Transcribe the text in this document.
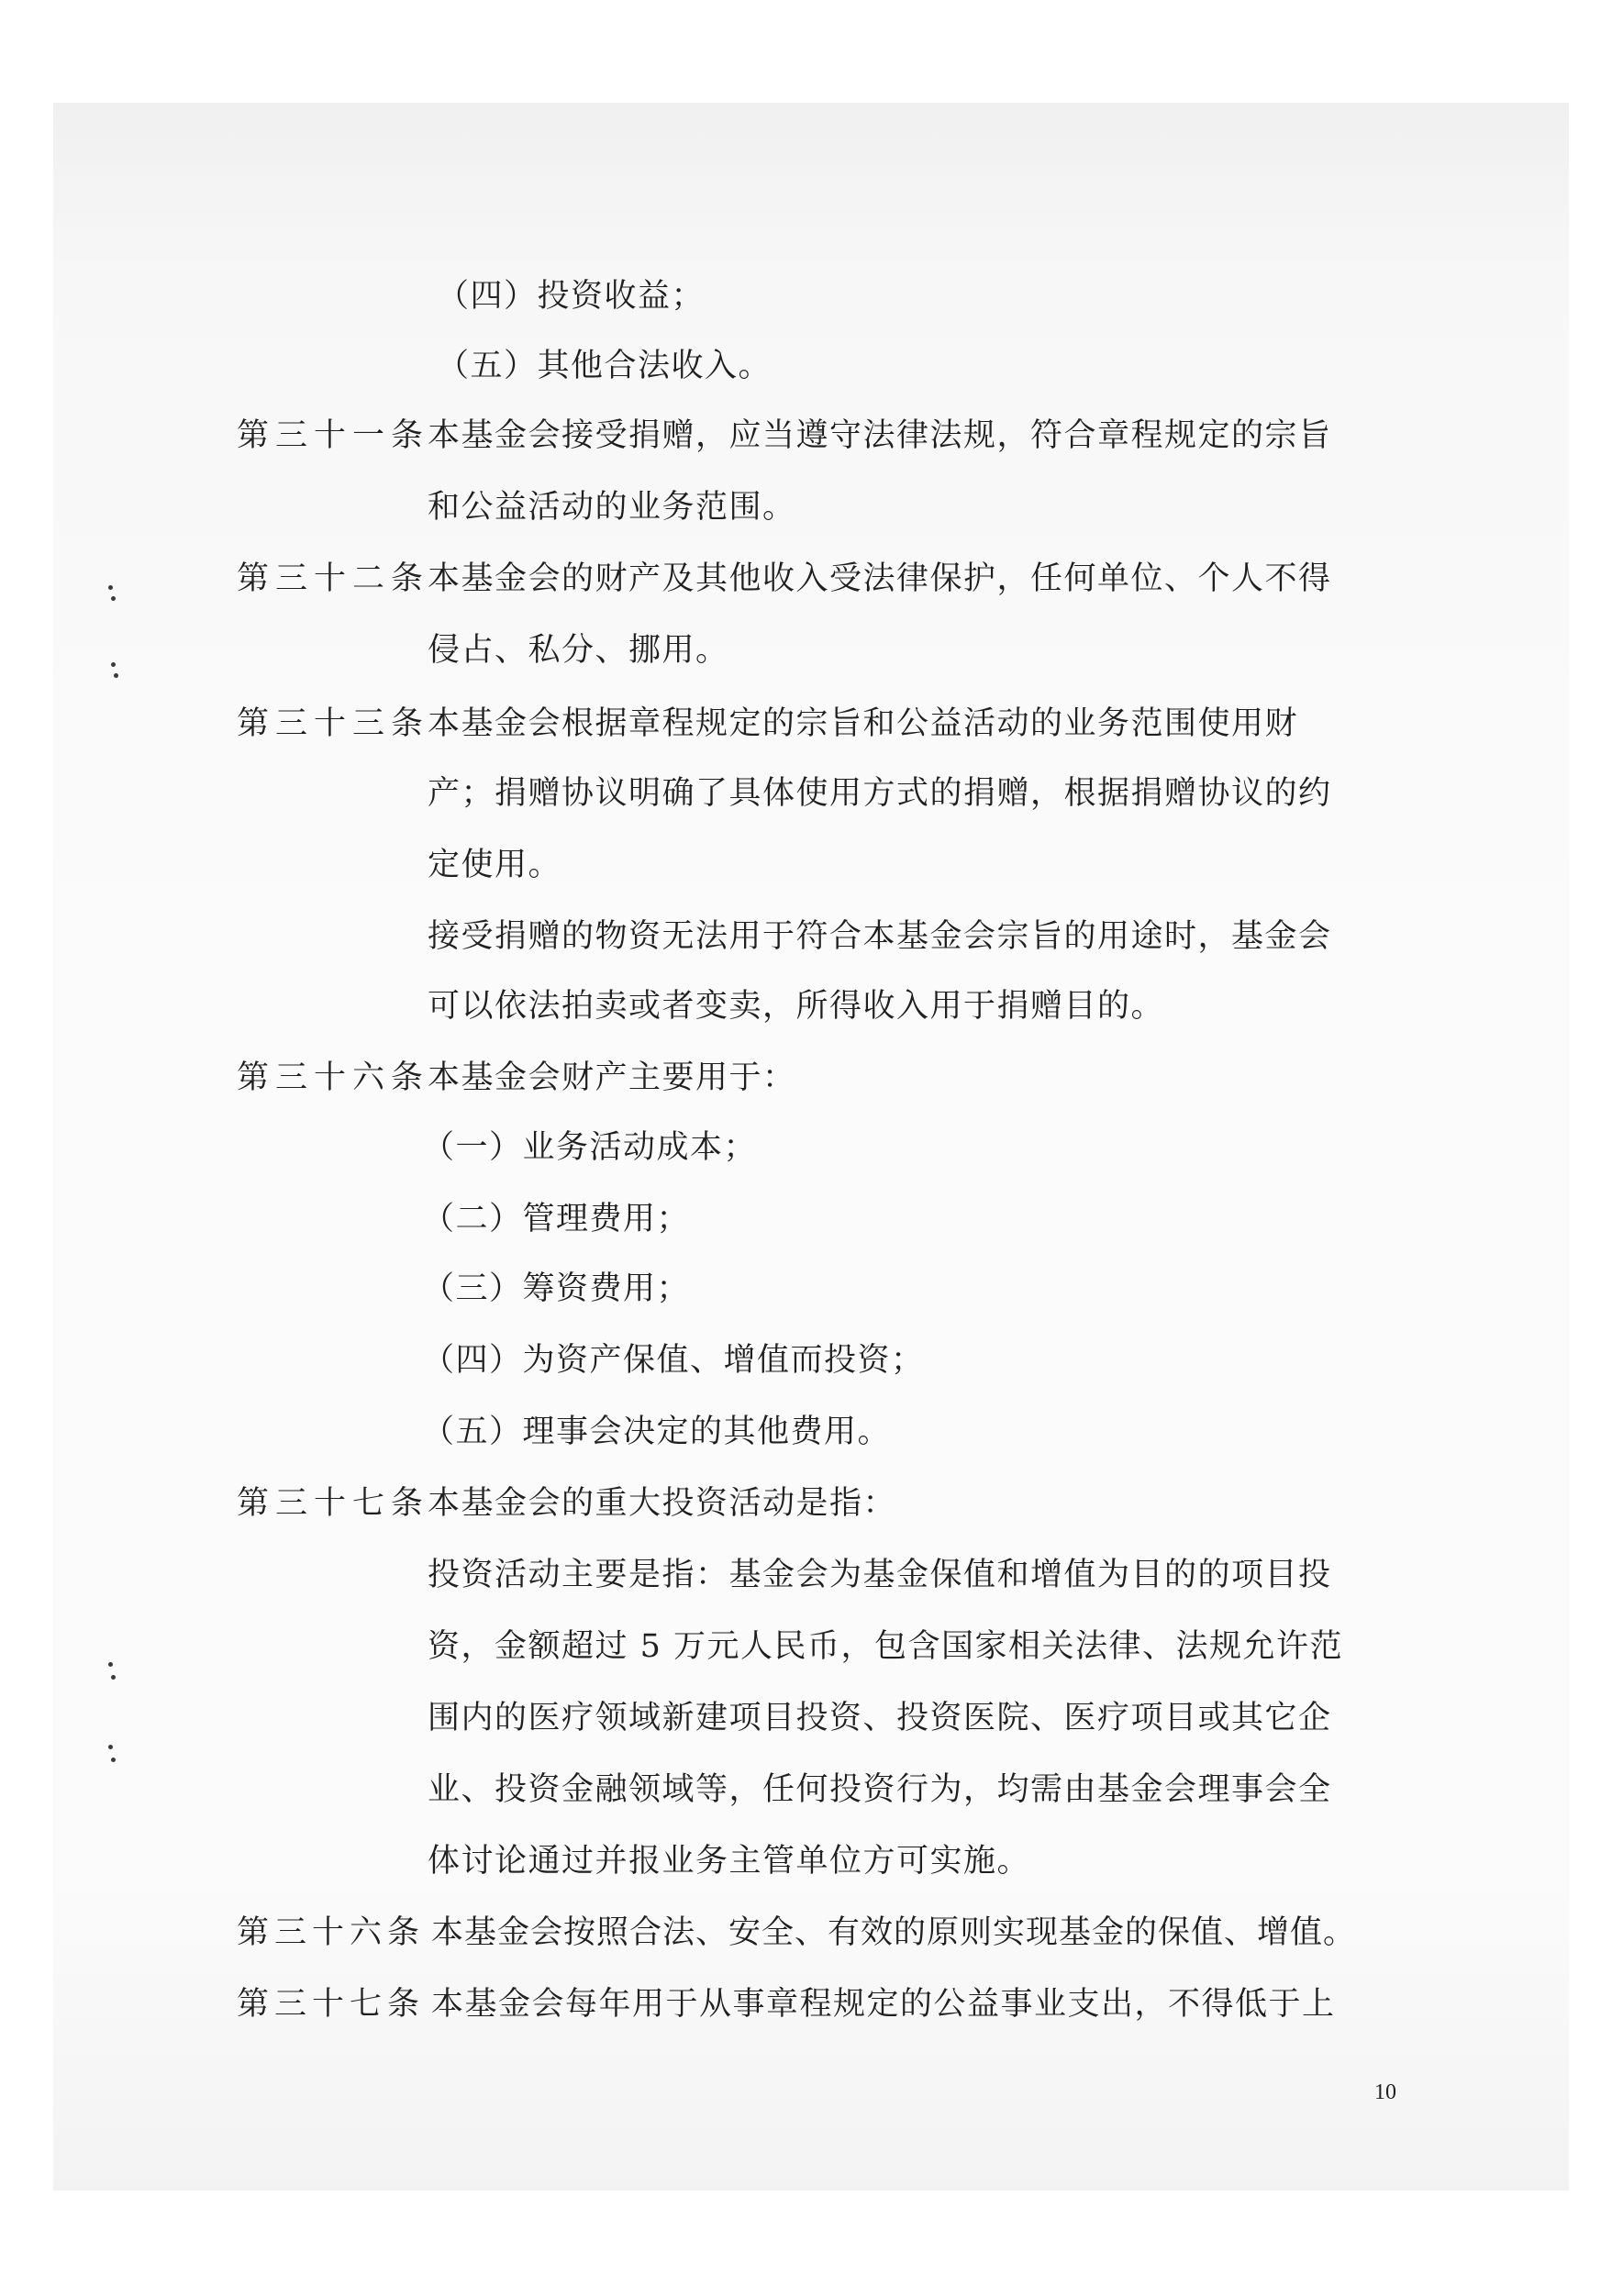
（四）投资收益；
（五）其他合法收入。
第三十一条
本基金会接受捐赠，应当遵守法律法规，符合章程规定的宗旨
和公益活动的业务范围。
第三十二条
本基金会的财产及其他收入受法律保护，任何单位、个人不得
侵占、私分、挪用。
第三十三条
本基金会根据章程规定的宗旨和公益活动的业务范围使用财
产；捐赠协议明确了具体使用方式的捐赠，根据捐赠协议的约
定使用。
接受捐赠的物资无法用于符合本基金会宗旨的用途时，基金会
可以依法拍卖或者变卖，所得收入用于捐赠目的。
第三十六条
本基金会财产主要用于：
（一）业务活动成本；
（二）管理费用；
（三）筹资费用；
（四）为资产保值、增值而投资；
（五）理事会决定的其他费用。
第三十七条
本基金会的重大投资活动是指：
投资活动主要是指：基金会为基金保值和增值为目的的项目投
资，金额超过 5 万元人民币，包含国家相关法律、法规允许范
围内的医疗领域新建项目投资、投资医院、医疗项目或其它企
业、投资金融领域等，任何投资行为，均需由基金会理事会全
体讨论通过并报业务主管单位方可实施。
第三十六条 本基金会按照合法、安全、有效的原则实现基金的保值、增值。
第三十七条 本基金会每年用于从事章程规定的公益事业支出，不得低于上
10
